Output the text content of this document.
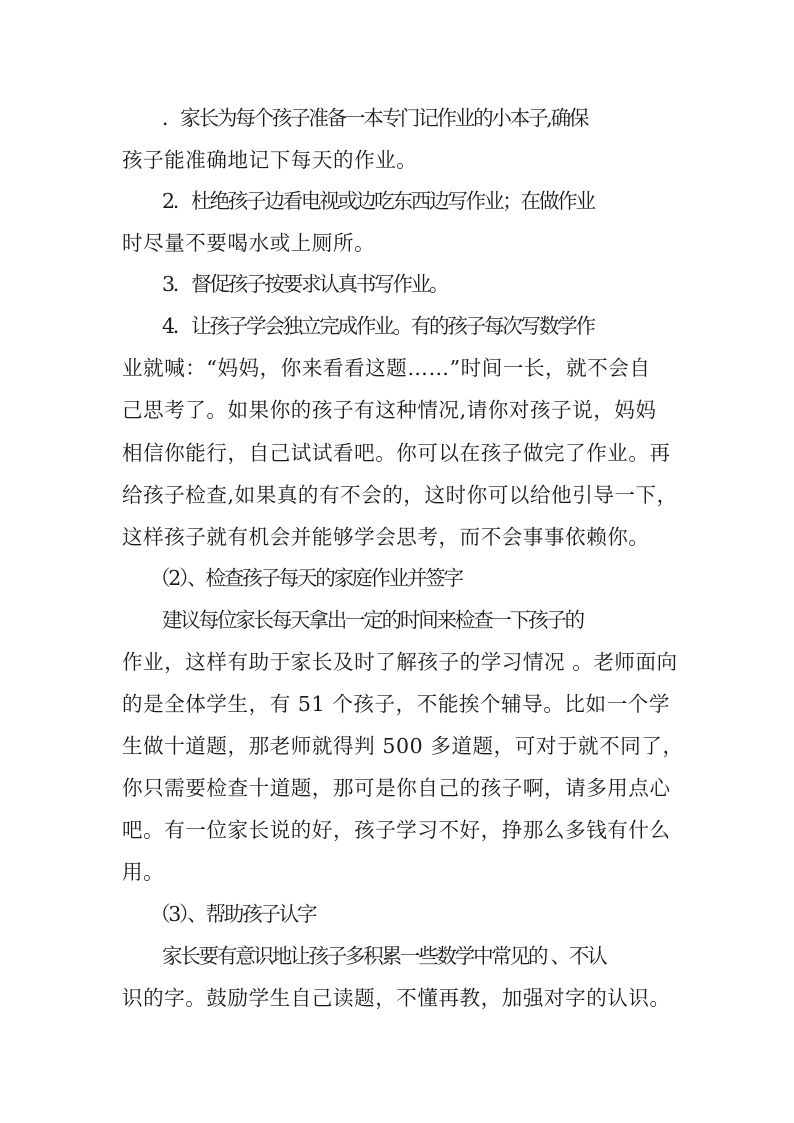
．家长为每个孩子准备一本专门记作业的小本子,确保
孩子能准确地记下每天的作业。
2．杜绝孩子边看电视或边吃东西边写作业；在做作业
时尽量不要喝水或上厕所。
3．督促孩子按要求认真书写作业。
4．让孩子学会独立完成作业。有的孩子每次写数学作
业就喊：“妈妈，你来看看这题……”时间一长，就不会自
己思考了。如果你的孩子有这种情况,请你对孩子说，妈妈
相信你能行，自己试试看吧。你可以在孩子做完了作业。再
给孩子检查,如果真的有不会的，这时你可以给他引导一下，
这样孩子就有机会并能够学会思考，而不会事事依赖你。
（2）、检查孩子每天的家庭作业并签字
建议每位家长每天拿出一定的时间来检查一下孩子的
作业，这样有助于家长及时了解孩子的学习情况 。老师面向
的是全体学生，有 51 个孩子，不能挨个辅导。比如一个学
生做十道题，那老师就得判 500 多道题，可对于就不同了，
你只需要检查十道题，那可是你自己的孩子啊，请多用点心
吧。有一位家长说的好，孩子学习不好，挣那么多钱有什么
用。
（3）、帮助孩子认字
家长要有意识地让孩子多积累一些数学中常见的 、不认
识的字。鼓励学生自己读题，不懂再教，加强对字的认识。
